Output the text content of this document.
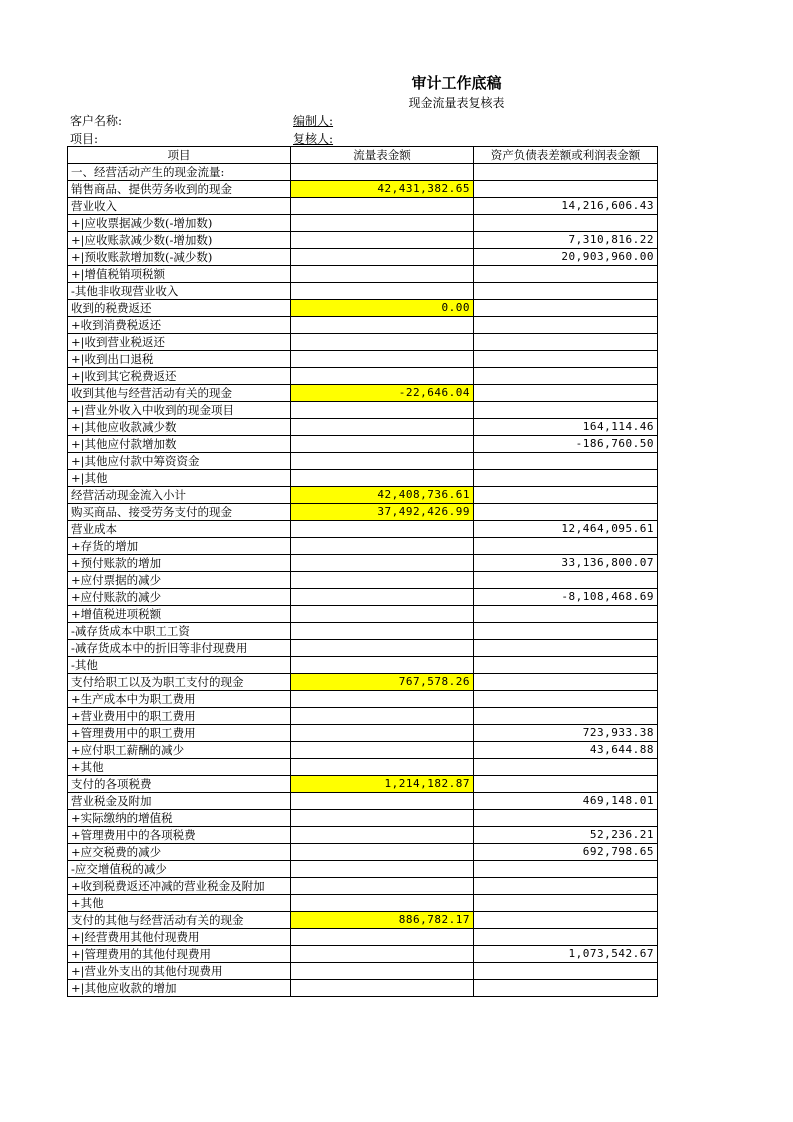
审计工作底稿
现金流量表复核表
客户名称:
项目:
编制人:
复核人:
项目	流量表金额	资产负债表差额或利润表金额
一、经营活动产生的现金流量:		
销售商品、提供劳务收到的现金	42,431,382.65	
营业收入		14,216,606.43
+|应收票据减少数(-增加数)		
+|应收账款减少数(-增加数)		7,310,816.22
+|预收账款增加数(-减少数)		20,903,960.00
+|增值税销项税额		
-其他非收现营业收入		
收到的税费返还	0.00	
+收到消费税返还		
+|收到营业税返还		
+|收到出口退税		
+|收到其它税费返还		
收到其他与经营活动有关的现金	-22,646.04	
+|营业外收入中收到的现金项目		
+|其他应收款减少数		164,114.46
+|其他应付款增加数		-186,760.50
+|其他应付款中筹资资金		
+|其他		
经营活动现金流入小计	42,408,736.61	
购买商品、接受劳务支付的现金	37,492,426.99	
营业成本		12,464,095.61
+存货的增加		
+预付账款的增加		33,136,800.07
+应付票据的减少		
+应付账款的减少		-8,108,468.69
+增值税进项税额		
-减存货成本中职工工资		
-减存货成本中的折旧等非付现费用		
-其他		
支付给职工以及为职工支付的现金	767,578.26	
+生产成本中为职工费用		
+营业费用中的职工费用		
+管理费用中的职工费用		723,933.38
+应付职工薪酬的减少		43,644.88
+其他		
支付的各项税费	1,214,182.87	
营业税金及附加		469,148.01
+实际缴纳的增值税		
+管理费用中的各项税费		52,236.21
+应交税费的减少		692,798.65
-应交增值税的减少		
+收到税费返还冲减的营业税金及附加		
+其他		
支付的其他与经营活动有关的现金	886,782.17	
+|经营费用其他付现费用		
+|管理费用的其他付现费用		1,073,542.67
+|营业外支出的其他付现费用		
+|其他应收款的增加		
